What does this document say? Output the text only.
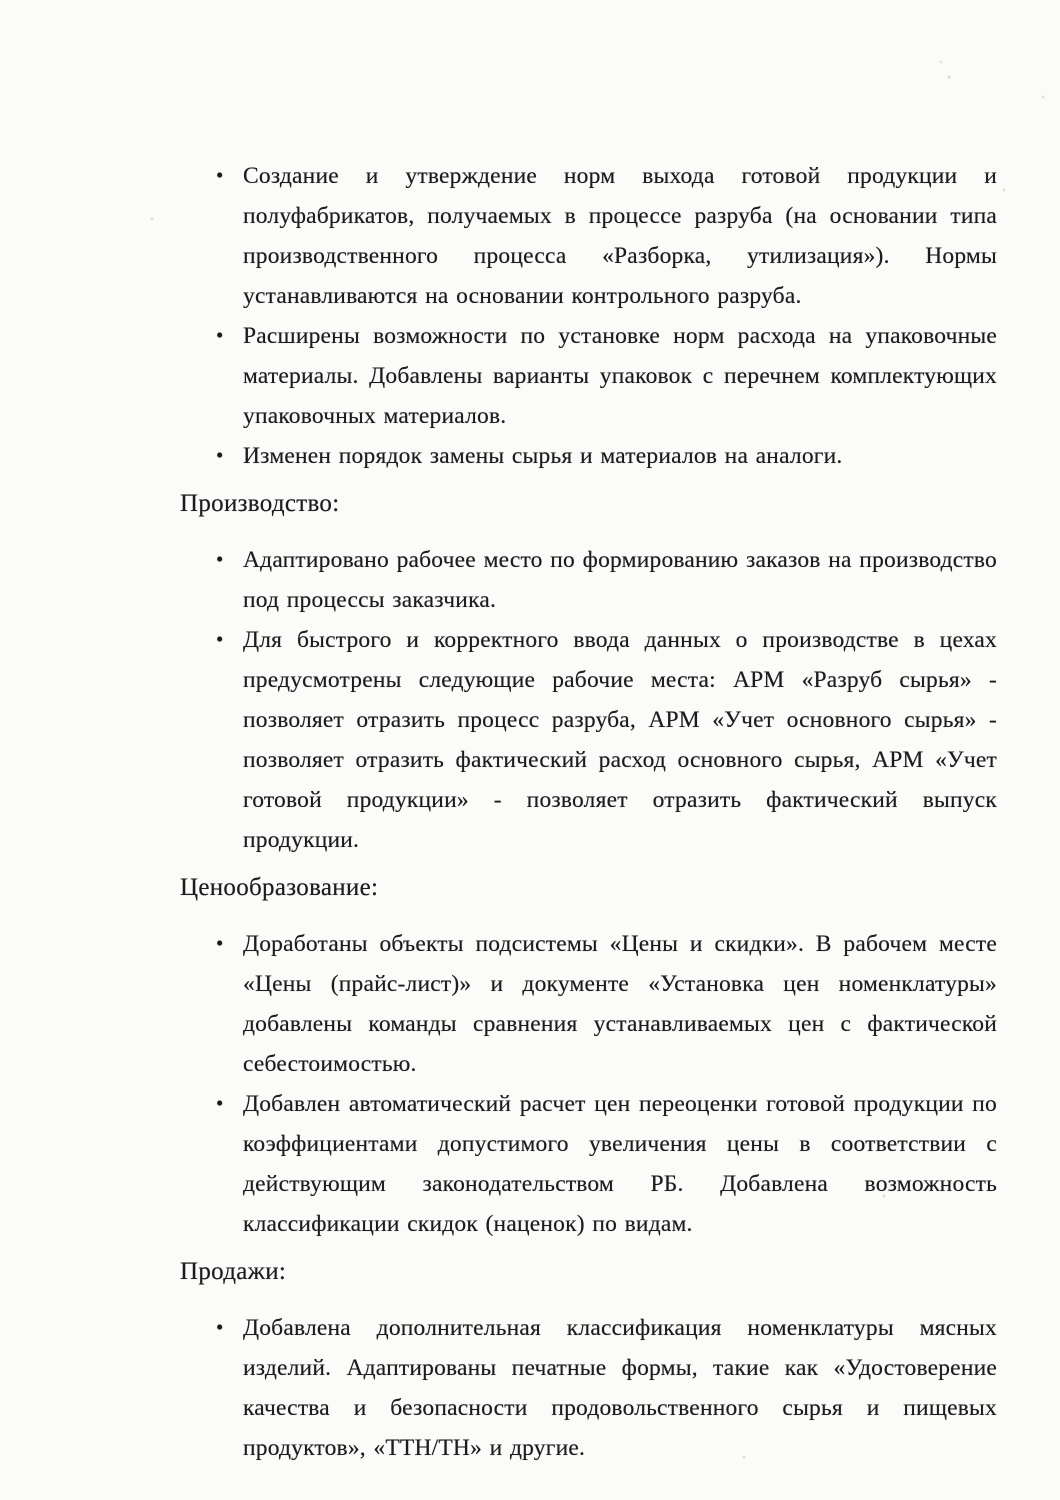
• Создание и утверждение норм выхода готовой продукции и полуфабрикатов, получаемых в процессе разруба (на основании типа производственного процесса «Разборка, утилизация»). Нормы устанавливаются на основании контрольного разруба.
• Расширены возможности по установке норм расхода на упаковочные материалы. Добавлены варианты упаковок с перечнем комплектующих упаковочных материалов.
• Изменен порядок замены сырья и материалов на аналоги.
Производство:
• Адаптировано рабочее место по формированию заказов на производство под процессы заказчика.
• Для быстрого и корректного ввода данных о производстве в цехах предусмотрены следующие рабочие места: АРМ «Разруб сырья» - позволяет отразить процесс разруба, АРМ «Учет основного сырья» - позволяет отразить фактический расход основного сырья, АРМ «Учет готовой продукции» - позволяет отразить фактический выпуск продукции.
Ценообразование:
• Доработаны объекты подсистемы «Цены и скидки». В рабочем месте «Цены (прайс-лист)» и документе «Установка цен номенклатуры» добавлены команды сравнения устанавливаемых цен с фактической себестоимостью.
• Добавлен автоматический расчет цен переоценки готовой продукции по коэффициентами допустимого увеличения цены в соответствии с действующим законодательством РБ. Добавлена возможность классификации скидок (наценок) по видам.
Продажи:
• Добавлена дополнительная классификация номенклатуры мясных изделий. Адаптированы печатные формы, такие как «Удостоверение качества и безопасности продовольственного сырья и пищевых продуктов», «ТТН/ТН» и другие.
